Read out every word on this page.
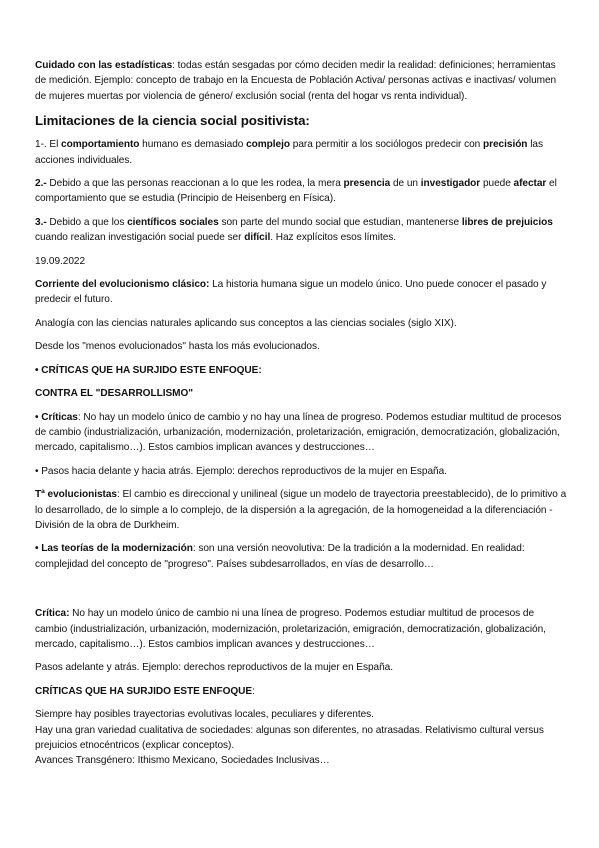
Cuidado con las estadísticas: todas están sesgadas por cómo deciden medir la realidad: definiciones; herramientas de medición. Ejemplo: concepto de trabajo en la Encuesta de Población Activa/ personas activas e inactivas/ volumen de mujeres muertas por violencia de género/ exclusión social (renta del hogar vs renta individual).

Limitaciones de la ciencia social positivista:

1-. El comportamiento humano es demasiado complejo para permitir a los sociólogos predecir con precisión las acciones individuales.

2.- Debido a que las personas reaccionan a lo que les rodea, la mera presencia de un investigador puede afectar el comportamiento que se estudia (Principio de Heisenberg en Física).

3.- Debido a que los científicos sociales son parte del mundo social que estudian, mantenerse libres de prejuicios cuando realizan investigación social puede ser difícil. Haz explícitos esos límites.

19.09.2022

Corriente del evolucionismo clásico: La historia humana sigue un modelo único. Uno puede conocer el pasado y predecir el futuro.

Analogía con las ciencias naturales aplicando sus conceptos a las ciencias sociales (siglo XIX).

Desde los "menos evolucionados" hasta los más evolucionados.

• CRÍTICAS QUE HA SURJIDO ESTE ENFOQUE:

CONTRA EL "DESARROLLISMO"

• Críticas: No hay un modelo único de cambio y no hay una línea de progreso. Podemos estudiar multitud de procesos de cambio (industrialización, urbanización, modernización, proletarización, emigración, democratización, globalización, mercado, capitalismo…). Estos cambios implican avances y destrucciones…

• Pasos hacia delante y hacia atrás. Ejemplo: derechos reproductivos de la mujer en España.

Tª evolucionistas: El cambio es direccional y unilineal (sigue un modelo de trayectoria preestablecido), de lo primitivo a lo desarrollado, de lo simple a lo complejo, de la dispersión a la agregación, de la homogeneidad a la diferenciación - División de la obra de Durkheim.

• Las teorías de la modernización: son una versión neovolutiva: De la tradición a la modernidad. En realidad: complejidad del concepto de "progreso". Países subdesarrollados, en vías de desarrollo…

Crítica: No hay un modelo único de cambio ni una línea de progreso. Podemos estudiar multitud de procesos de cambio (industrialización, urbanización, modernización, proletarización, emigración, democratización, globalización, mercado, capitalismo…). Estos cambios implican avances y destrucciones…

Pasos adelante y atrás. Ejemplo: derechos reproductivos de la mujer en España.

CRÍTICAS QUE HA SURJIDO ESTE ENFOQUE:

Siempre hay posibles trayectorias evolutivas locales, peculiares y diferentes.
Hay una gran variedad cualitativa de sociedades: algunas son diferentes, no atrasadas. Relativismo cultural versus prejuicios etnocéntricos (explicar conceptos).
Avances Transgénero: Ithismo Mexicano, Sociedades Inclusivas…
